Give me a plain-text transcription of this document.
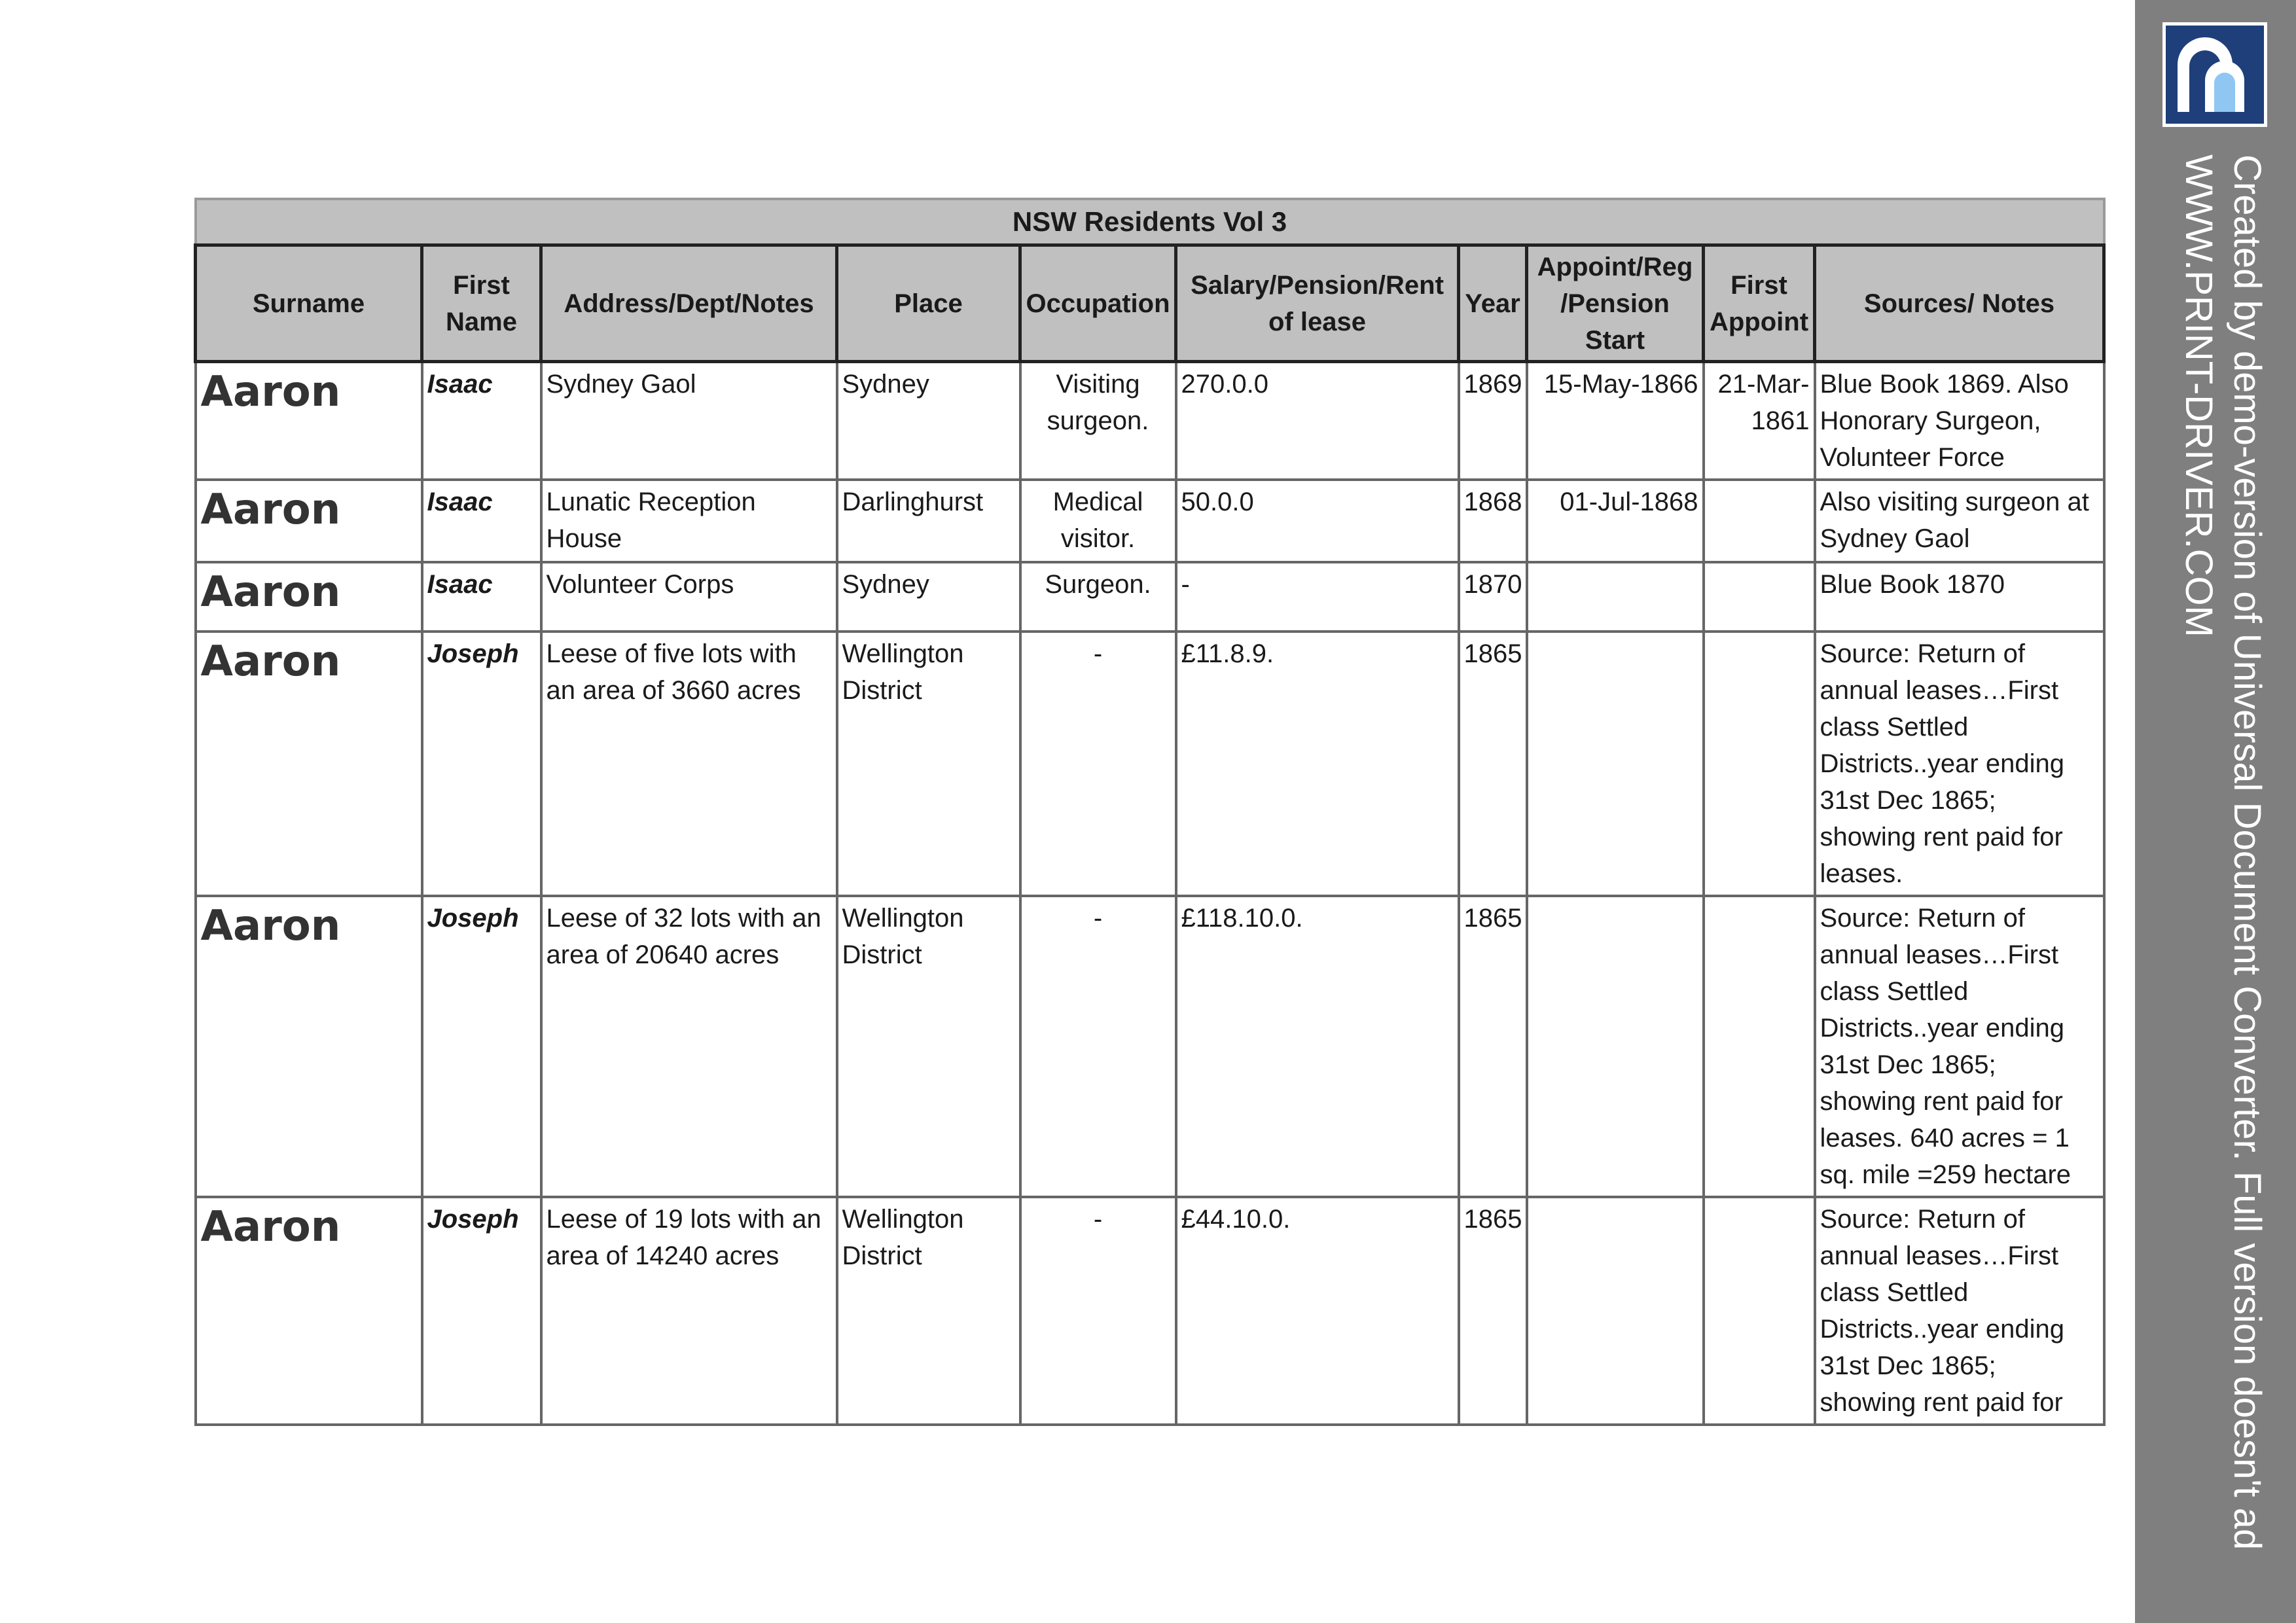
NSW Residents Vol 3									
Surname	First Name	Address/Dept/Notes	Place	Occupation	Salary/Pension/Rent of lease	Year	Appoint/Reg /Pension Start	First Appoint	Sources/ Notes
Aaron	Isaac	Sydney Gaol	Sydney	Visiting surgeon.	270.0.0	1869	15-May-1866	21-Mar-1861	Blue Book 1869. Also Honorary Surgeon, Volunteer Force
Aaron	Isaac	Lunatic Reception House	Darlinghurst	Medical visitor.	50.0.0	1868	01-Jul-1868		Also visiting surgeon at Sydney Gaol
Aaron	Isaac	Volunteer Corps	Sydney	Surgeon.	-	1870			Blue Book 1870
Aaron	Joseph	Leese of five lots with an area of 3660 acres	Wellington District	-	£11.8.9.	1865			Source: Return of annual leases…First class Settled Districts..year ending 31st Dec 1865; showing rent paid for leases.
Aaron	Joseph	Leese of 32 lots with an area of 20640 acres	Wellington District	-	£118.10.0.	1865			Source: Return of annual leases…First class Settled Districts..year ending 31st Dec 1865; showing rent paid for leases. 640 acres = 1 sq. mile =259 hectare
Aaron	Joseph	Leese of 19 lots with an area of 14240 acres	Wellington District	-	£44.10.0.	1865			Source: Return of annual leases…First class Settled Districts..year ending 31st Dec 1865; showing rent paid for	Created by demo-version of Universal Document Converter. Full version doesn't ad
WWW.PRINT-DRIVER.COM
